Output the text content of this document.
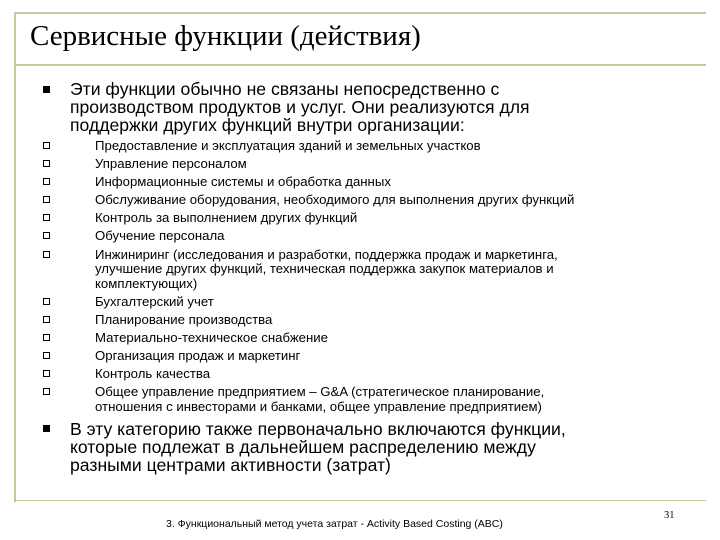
Сервисные функции (действия)
Эти функции обычно не связаны непосредственно с
производством продуктов и услуг. Они реализуются для
поддержки других функций внутри организации:
Предоставление и эксплуатация зданий и земельных участков
Управление персоналом
Информационные системы и обработка данных
Обслуживание оборудования, необходимого для выполнения других функций
Контроль за выполнением других функций
Обучение персонала
Инжиниринг (исследования и разработки, поддержка продаж и маркетинга,
улучшение других функций, техническая поддержка закупок материалов и
комплектующих)
Бухгалтерский учет
Планирование производства
Материально-техническое снабжение
Организация продаж и маркетинг
Контроль качества
Общее управление предприятием – G&A (стратегическое планирование,
отношения с инвесторами и банками, общее управление предприятием)
В эту категорию также первоначально включаются функции,
которые подлежат в дальнейшем распределению между
разными центрами активности (затрат)
3. Функциональный метод учета затрат - Activity Based Costing (ABC)
31
